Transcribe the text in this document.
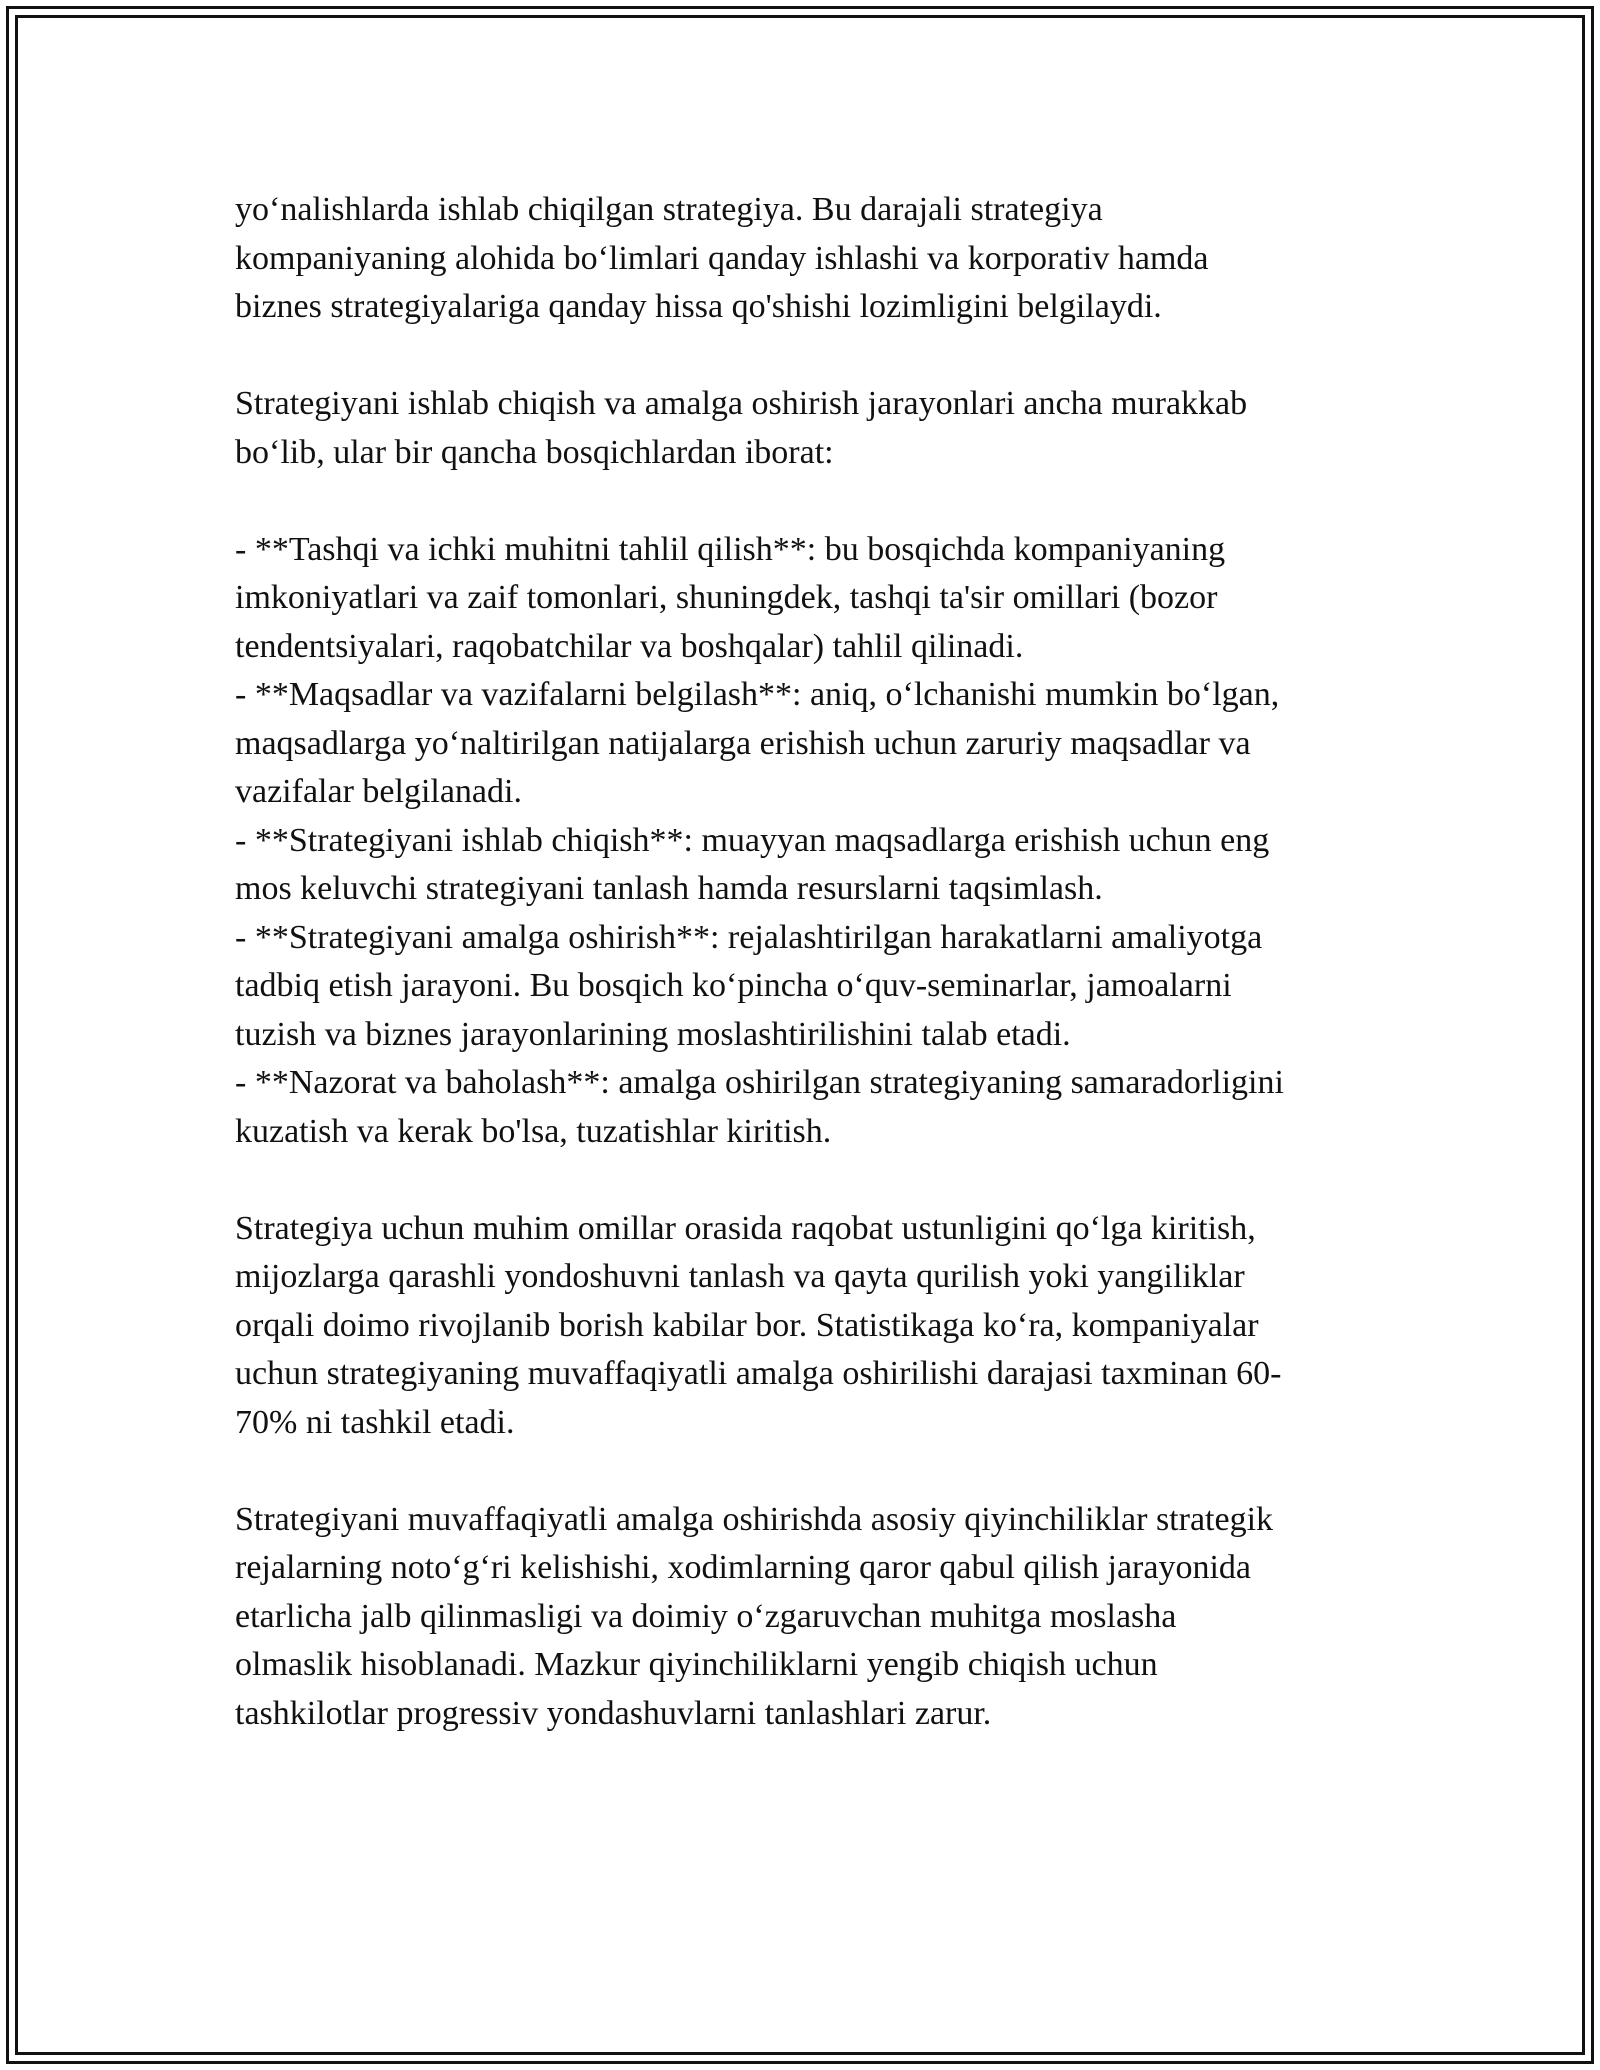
yo‘nalishlarda ishlab chiqilgan strategiya. Bu darajali strategiya
kompaniyaning alohida bo‘limlari qanday ishlashi va korporativ hamda
biznes strategiyalariga qanday hissa qo'shishi lozimligini belgilaydi.
Strategiyani ishlab chiqish va amalga oshirish jarayonlari ancha murakkab
bo‘lib, ular bir qancha bosqichlardan iborat:
- **Tashqi va ichki muhitni tahlil qilish**: bu bosqichda kompaniyaning
imkoniyatlari va zaif tomonlari, shuningdek, tashqi ta'sir omillari (bozor
tendentsiyalari, raqobatchilar va boshqalar) tahlil qilinadi.
- **Maqsadlar va vazifalarni belgilash**: aniq, o‘lchanishi mumkin bo‘lgan,
maqsadlarga yo‘naltirilgan natijalarga erishish uchun zaruriy maqsadlar va
vazifalar belgilanadi.
- **Strategiyani ishlab chiqish**: muayyan maqsadlarga erishish uchun eng
mos keluvchi strategiyani tanlash hamda resurslarni taqsimlash.
- **Strategiyani amalga oshirish**: rejalashtirilgan harakatlarni amaliyotga
tadbiq etish jarayoni. Bu bosqich ko‘pincha o‘quv-seminarlar, jamoalarni
tuzish va biznes jarayonlarining moslashtirilishini talab etadi.
- **Nazorat va baholash**: amalga oshirilgan strategiyaning samaradorligini
kuzatish va kerak bo'lsa, tuzatishlar kiritish.
Strategiya uchun muhim omillar orasida raqobat ustunligini qo‘lga kiritish,
mijozlarga qarashli yondoshuvni tanlash va qayta qurilish yoki yangiliklar
orqali doimo rivojlanib borish kabilar bor. Statistikaga ko‘ra, kompaniyalar
uchun strategiyaning muvaffaqiyatli amalga oshirilishi darajasi taxminan 60-
70% ni tashkil etadi.
Strategiyani muvaffaqiyatli amalga oshirishda asosiy qiyinchiliklar strategik
rejalarning noto‘g‘ri kelishishi, xodimlarning qaror qabul qilish jarayonida
etarlicha jalb qilinmasligi va doimiy o‘zgaruvchan muhitga moslasha
olmaslik hisoblanadi. Mazkur qiyinchiliklarni yengib chiqish uchun
tashkilotlar progressiv yondashuvlarni tanlashlari zarur.
